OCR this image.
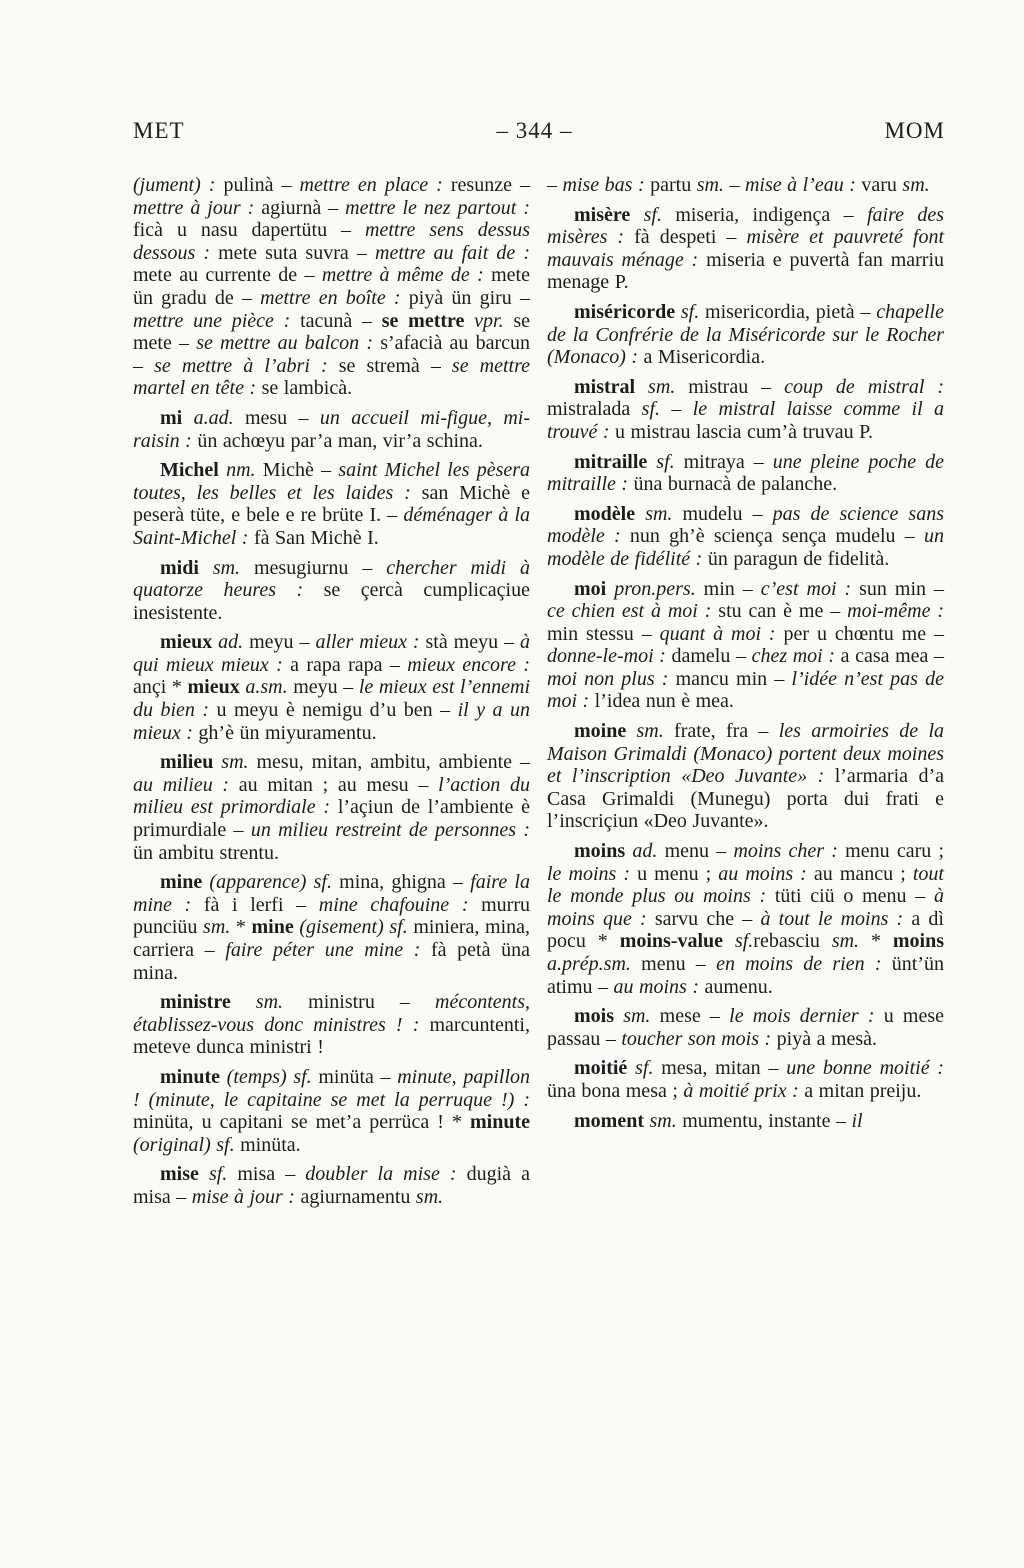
MET	– 344 –	MOM

(jument) : pulinà – mettre en place : resunze – mettre à jour : agiurnà – mettre le nez partout : ficà u nasu dapertütu – mettre sens dessus dessous : mete suta suvra – mettre au fait de : mete au currente de – mettre à même de : mete ün gradu de – mettre en boîte : piyà ün giru – mettre une pièce : tacunà – se mettre vpr. se mete – se mettre au balcon : s’afacià au barcun – se mettre à l’abri : se stremà – se mettre martel en tête : se lambicà.

mi a.ad. mesu – un accueil mi-figue, mi-raisin : ün achœyu par’a man, vir’a schina.

Michel nm. Michè – saint Michel les pèsera toutes, les belles et les laides : san Michè e peserà tüte, e bele e re brüte I. – déménager à la Saint-Michel : fà San Michè I.

midi sm. mesugiurnu – chercher midi à quatorze heures : se çercà cumplicaçiue inesistente.

mieux ad. meyu – aller mieux : stà meyu – à qui mieux mieux : a rapa rapa – mieux encore : ançi * mieux a.sm. meyu – le mieux est l’ennemi du bien : u meyu è nemigu d’u ben – il y a un mieux : gh’è ün miyuramentu.

milieu sm. mesu, mitan, ambitu, ambiente – au milieu : au mitan ; au mesu – l’action du milieu est primordiale : l’açiun de l’ambiente è primurdiale – un milieu restreint de personnes : ün ambitu strentu.

mine (apparence) sf. mina, ghigna – faire la mine : fà i lerfi – mine chafouine : murru punciüu sm. * mine (gisement) sf. miniera, mina, carriera – faire péter une mine : fà petà üna mina.

ministre sm. ministru – mécontents, établissez-vous donc ministres ! : marcuntenti, meteve dunca ministri !

minute (temps) sf. minüta – minute, papillon ! (minute, le capitaine se met la perruque !) : minüta, u capitani se met’a perrüca ! * minute (original) sf. minüta.

mise sf. misa – doubler la mise : dugià a misa – mise à jour : agiurnamentu sm.

– mise bas : partu sm. – mise à l’eau : varu sm.

misère sf. miseria, indigença – faire des misères : fà despeti – misère et pauvreté font mauvais ménage : miseria e puvertà fan marriu menage P.

miséricorde sf. misericordia, pietà – chapelle de la Confrérie de la Miséricorde sur le Rocher (Monaco) : a Misericordia.

mistral sm. mistrau – coup de mistral : mistralada sf. – le mistral laisse comme il a trouvé : u mistrau lascia cum’à truvau P.

mitraille sf. mitraya – une pleine poche de mitraille : üna burnacà de palanche.

modèle sm. mudelu – pas de science sans modèle : nun gh’è sciença sença mudelu – un modèle de fidélité : ün paragun de fidelità.

moi pron.pers. min – c’est moi : sun min – ce chien est à moi : stu can è me – moi-même : min stessu – quant à moi : per u chœntu me – donne-le-moi : damelu – chez moi : a casa mea – moi non plus : mancu min – l’idée n’est pas de moi : l’idea nun è mea.

moine sm. frate, fra – les armoiries de la Maison Grimaldi (Monaco) portent deux moines et l’inscription «Deo Juvante» : l’armaria d’a Casa Grimaldi (Munegu) porta dui frati e l’inscriçiun «Deo Juvante».

moins ad. menu – moins cher : menu caru ; le moins : u menu ; au moins : au mancu ; tout le monde plus ou moins : tüti ciü o menu – à moins que : sarvu che – à tout le moins : a dì pocu * moins-value sf.rebasciu sm. * moins a.prép.sm. menu – en moins de rien : ünt’ün atimu – au moins : aumenu.

mois sm. mese – le mois dernier : u mese passau – toucher son mois : piyà a mesà.

moitié sf. mesa, mitan – une bonne moitié : üna bona mesa ; à moitié prix : a mitan preiju.

moment sm. mumentu, instante – il
